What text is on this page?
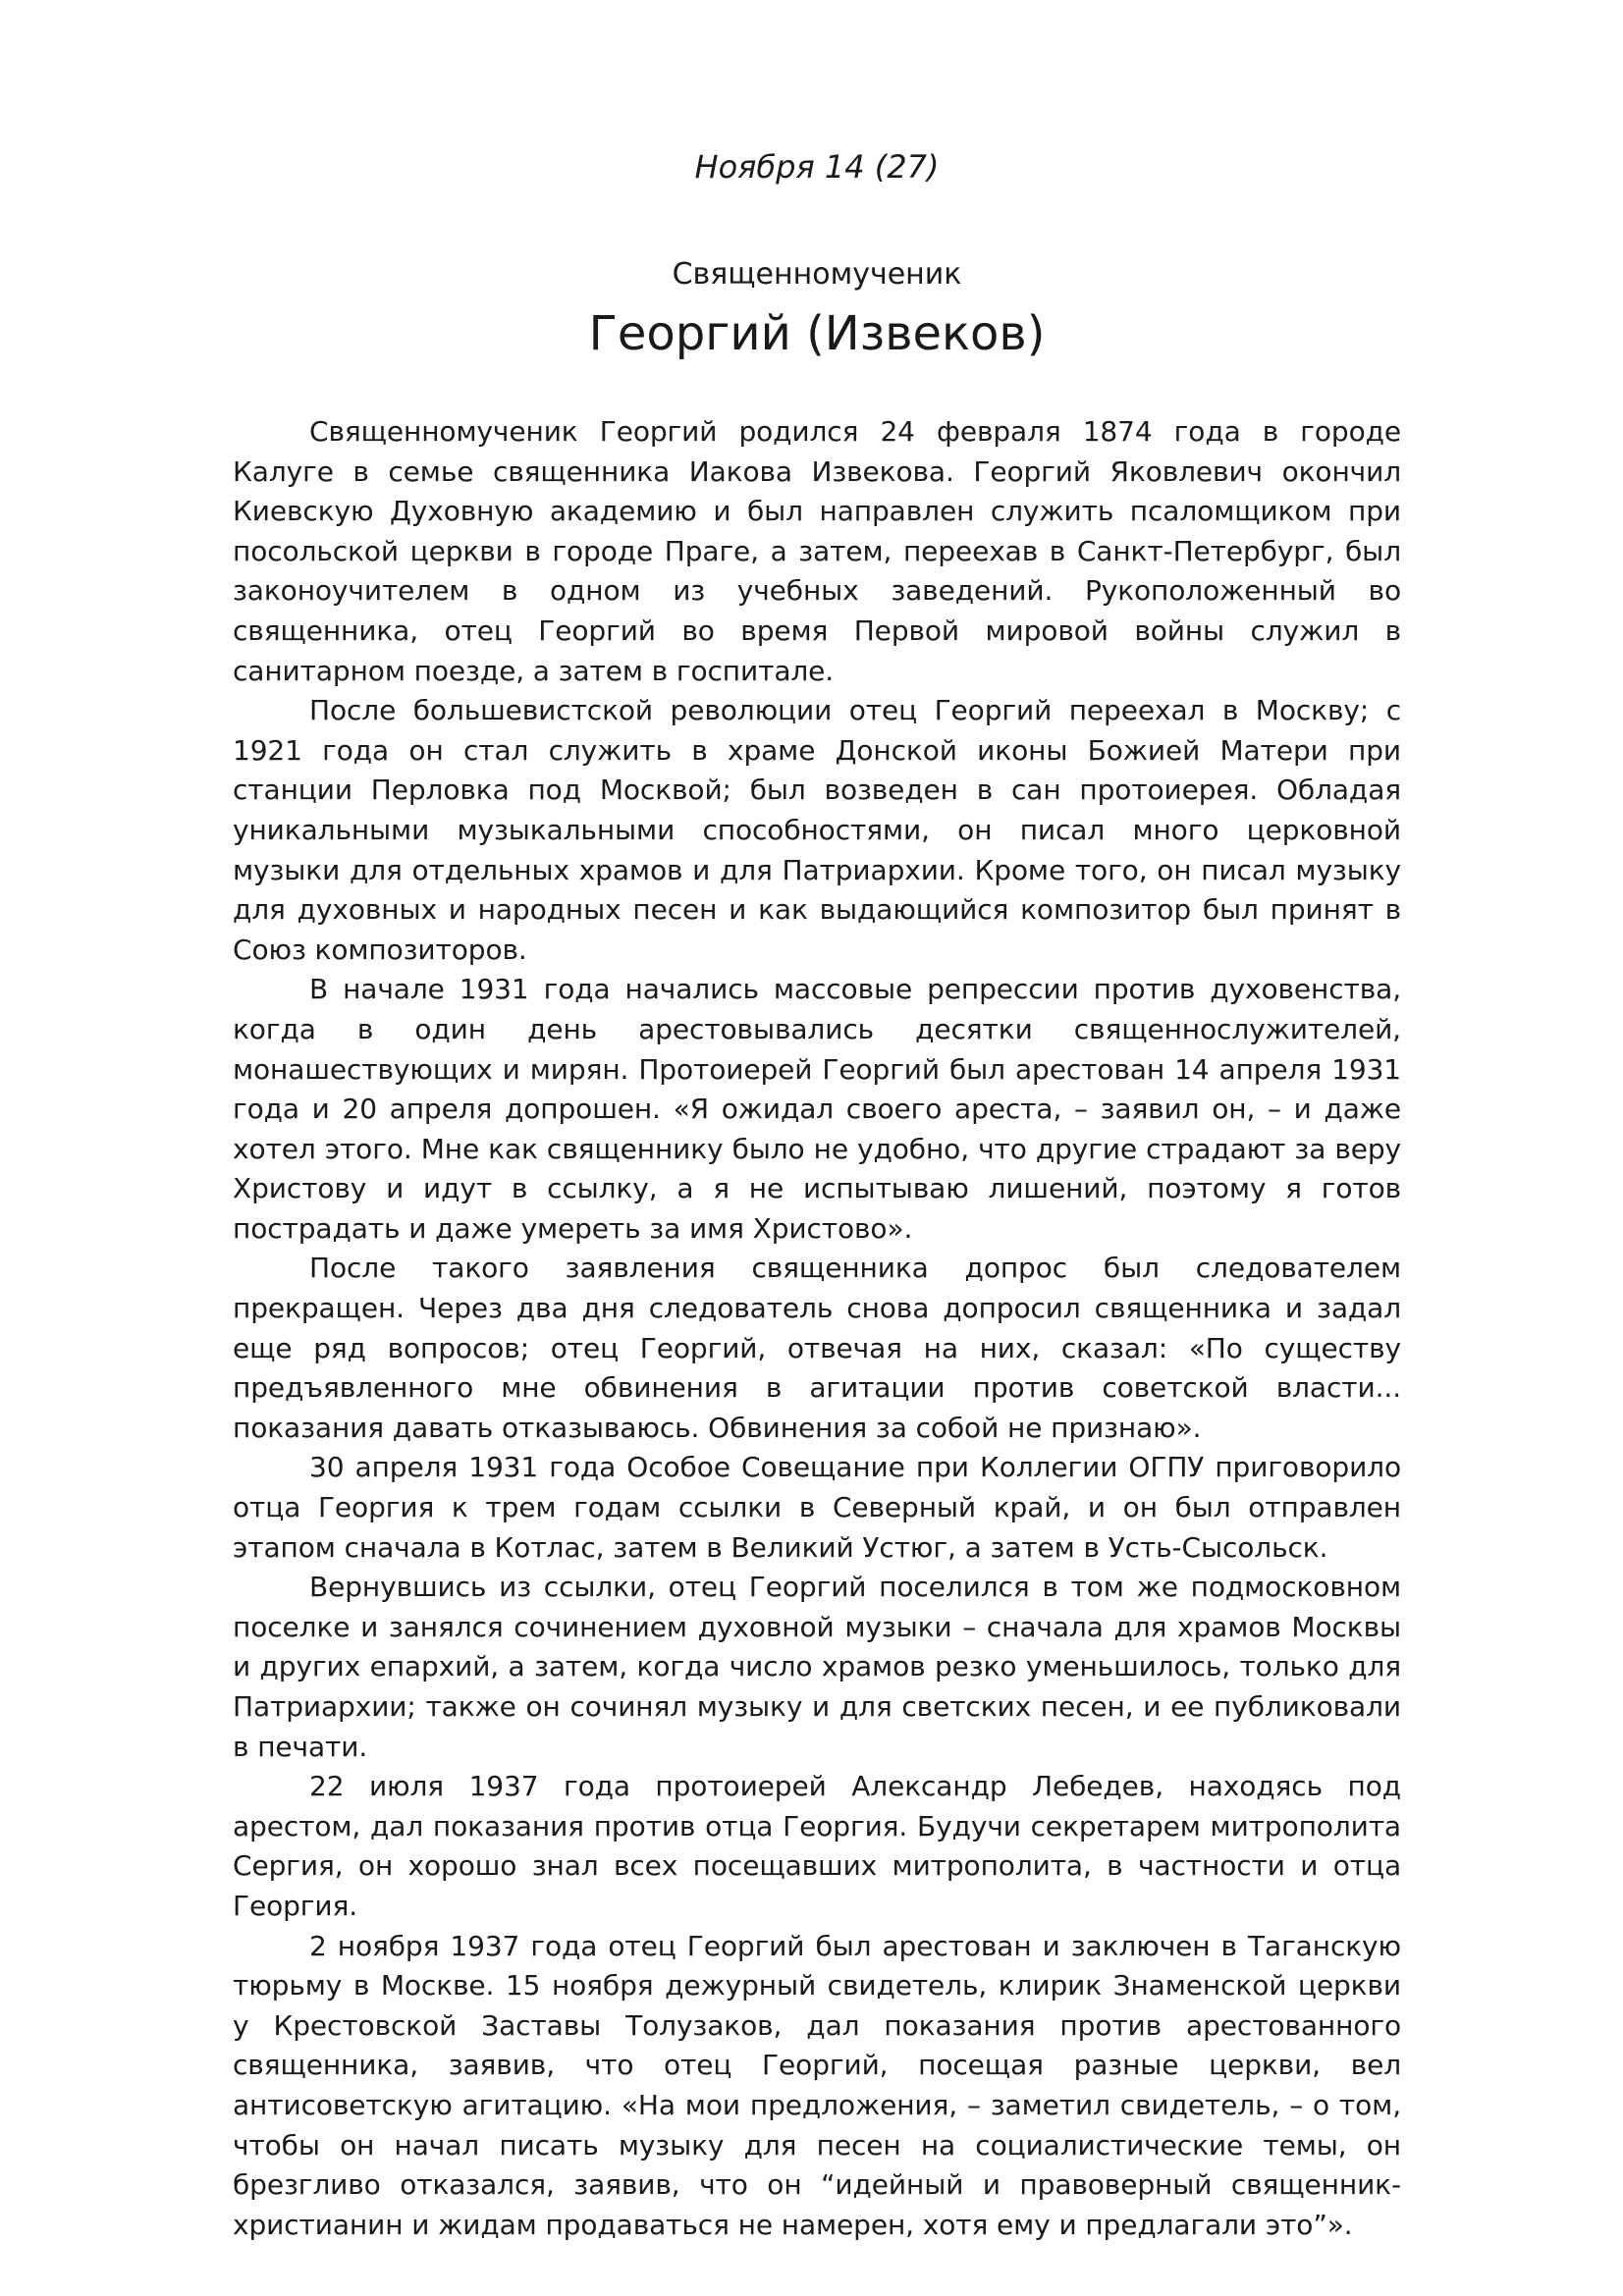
Ноября 14 (27)

Священномученик

Георгий (Извеков)

Священномученик Георгий родился 24 февраля 1874 года в городе Калуге в семье священника Иакова Извекова. Георгий Яковлевич окончил Киевскую Духовную академию и был направлен служить псаломщиком при посольской церкви в городе Праге, а затем, переехав в Санкт-Петербург, был законоучителем в одном из учебных заведений. Рукоположенный во священника, отец Георгий во время Первой мировой войны служил в санитарном поезде, а затем в госпитале.

После большевистской революции отец Георгий переехал в Москву; с 1921 года он стал служить в храме Донской иконы Божией Матери при станции Перловка под Москвой; был возведен в сан протоиерея. Обладая уникальными музыкальными способностями, он писал много церковной музыки для отдельных храмов и для Патриархии. Кроме того, он писал музыку для духовных и народных песен и как выдающийся композитор был принят в Союз композиторов.

В начале 1931 года начались массовые репрессии против духовенства, когда в один день арестовывались десятки священнослужителей, монашествующих и мирян. Протоиерей Георгий был арестован 14 апреля 1931 года и 20 апреля допрошен. «Я ожидал своего ареста, – заявил он, – и даже хотел этого. Мне как священнику было не удобно, что другие страдают за веру Христову и идут в ссылку, а я не испытываю лишений, поэтому я готов пострадать и даже умереть за имя Христово».

После такого заявления священника допрос был следователем прекращен. Через два дня следователь снова допросил священника и задал еще ряд вопросов; отец Георгий, отвечая на них, сказал: «По существу предъявленного мне обвинения в агитации против советской власти... показания давать отказываюсь. Обвинения за собой не признаю».

30 апреля 1931 года Особое Совещание при Коллегии ОГПУ приговорило отца Георгия к трем годам ссылки в Северный край, и он был отправлен этапом сначала в Котлас, затем в Великий Устюг, а затем в Усть-Сысольск.

Вернувшись из ссылки, отец Георгий поселился в том же подмосковном поселке и занялся сочинением духовной музыки – сначала для храмов Москвы и других епархий, а затем, когда число храмов резко уменьшилось, только для Патриархии; также он сочинял музыку и для светских песен, и ее публиковали в печати.

22 июля 1937 года протоиерей Александр Лебедев, находясь под арестом, дал показания против отца Георгия. Будучи секретарем митрополита Сергия, он хорошо знал всех посещавших митрополита, в частности и отца Георгия.

2 ноября 1937 года отец Георгий был арестован и заключен в Таганскую тюрьму в Москве. 15 ноября дежурный свидетель, клирик Знаменской церкви у Крестовской Заставы Толузаков, дал показания против арестованного священника, заявив, что отец Георгий, посещая разные церкви, вел антисоветскую агитацию. «На мои предложения, – заметил свидетель, – о том, чтобы он начал писать музыку для песен на социалистические темы, он брезгливо отказался, заявив, что он “идейный и правоверный священник-христианин и жидам продаваться не намерен, хотя ему и предлагали это”».
